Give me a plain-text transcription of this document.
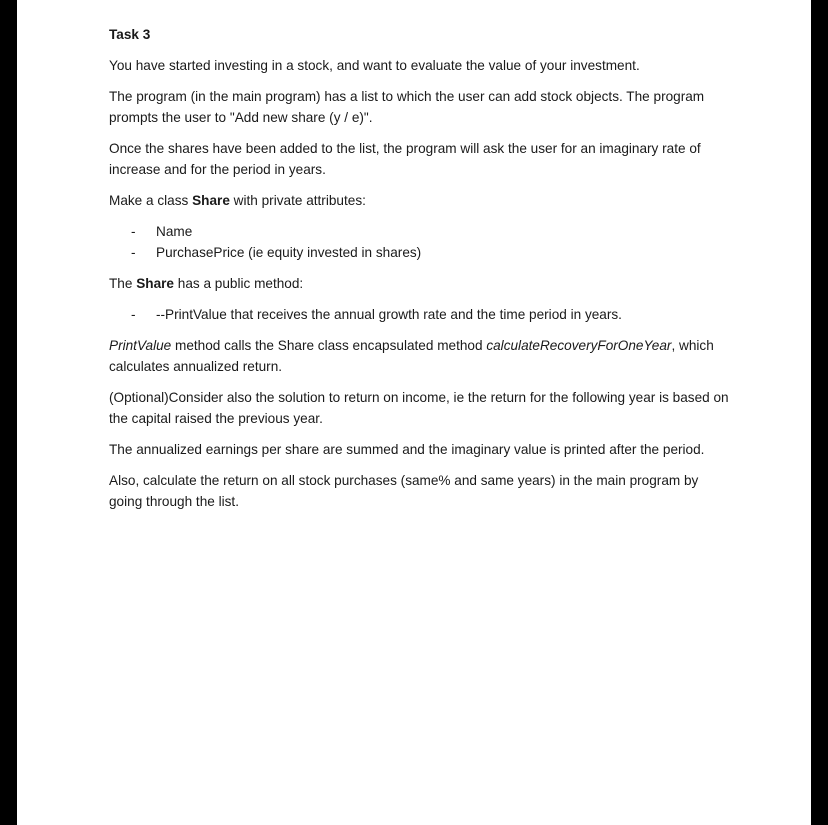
Task 3

You have started investing in a stock, and want to evaluate the value of your investment.

The program (in the main program) has a list to which the user can add stock objects. The program prompts the user to "Add new share (y / e)".

Once the shares have been added to the list, the program will ask the user for an imaginary rate of increase and for the period in years.

Make a class Share with private attributes:

- Name
- PurchasePrice (ie equity invested in shares)

The Share has a public method:

- --PrintValue that receives the annual growth rate and the time period in years.

PrintValue method calls the Share class encapsulated method calculateRecoveryForOneYear, which calculates annualized return.

(Optional)Consider also the solution to return on income, ie the return for the following year is based on the capital raised the previous year.

The annualized earnings per share are summed and the imaginary value is printed after the period.

Also, calculate the return on all stock purchases (same% and same years) in the main program by going through the list.
